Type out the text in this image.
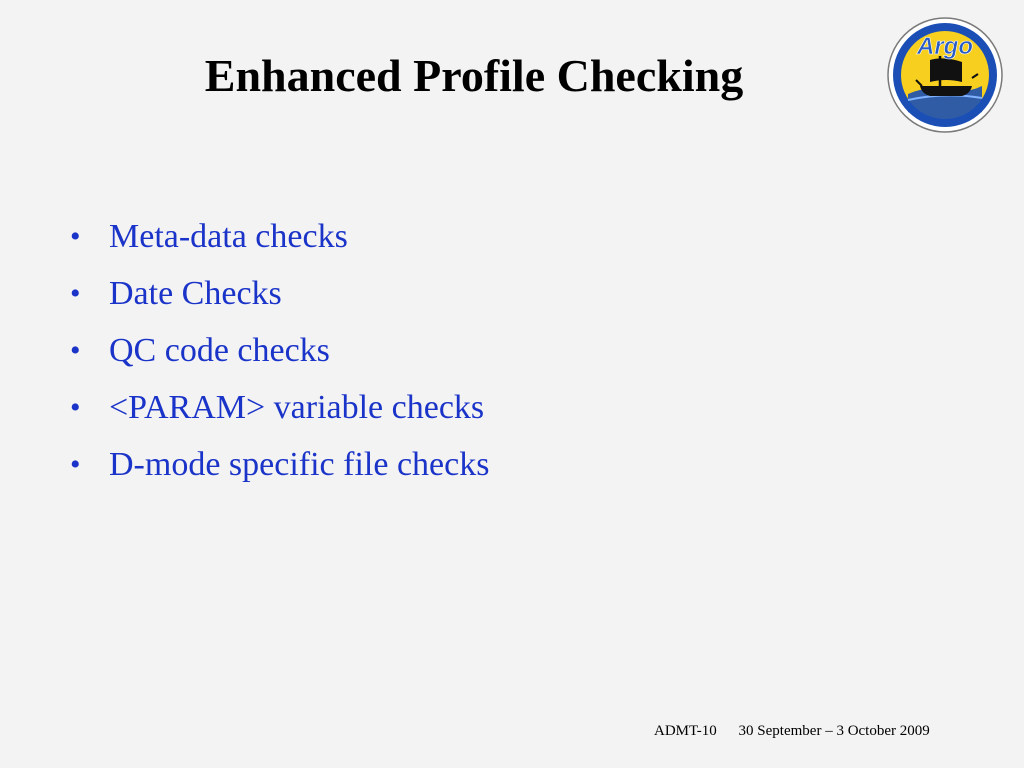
Enhanced Profile Checking
Argo
• Meta-data checks
• Date Checks
• QC code checks
• <PARAM> variable checks
• D-mode specific file checks
ADMT-10 30 September – 3 October 2009
